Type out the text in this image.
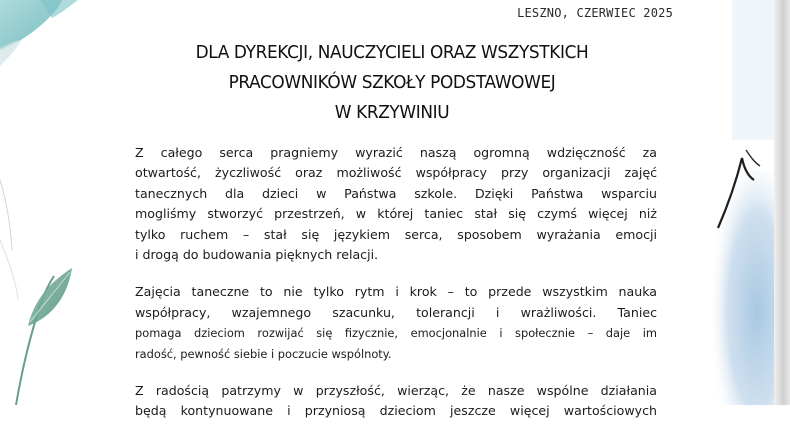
LESZNO, CZERWIEC 2025
DLA DYREKCJI, NAUCZYCIELI ORAZ WSZYSTKICH
PRACOWNIKÓW SZKOŁY PODSTAWOWEJ
W KRZYWINIU

Z całego serca pragniemy wyrazić naszą ogromną wdzięczność za
otwartość, życzliwość oraz możliwość współpracy przy organizacji zajęć
tanecznych dla dzieci w Państwa szkole. Dzięki Państwa wsparciu
mogliśmy stworzyć przestrzeń, w której taniec stał się czymś więcej niż
tylko ruchem – stał się językiem serca, sposobem wyrażania emocji
i drogą do budowania pięknych relacji.

Zajęcia taneczne to nie tylko rytm i krok – to przede wszystkim nauka
współpracy, wzajemnego szacunku, tolerancji i wrażliwości. Taniec
pomaga dzieciom rozwijać się fizycznie, emocjonalnie i społecznie – daje im
radość, pewność siebie i poczucie wspólnoty.

Z radością patrzymy w przyszłość, wierząc, że nasze wspólne działania
będą kontynuowane i przyniosą dzieciom jeszcze więcej wartościowych
